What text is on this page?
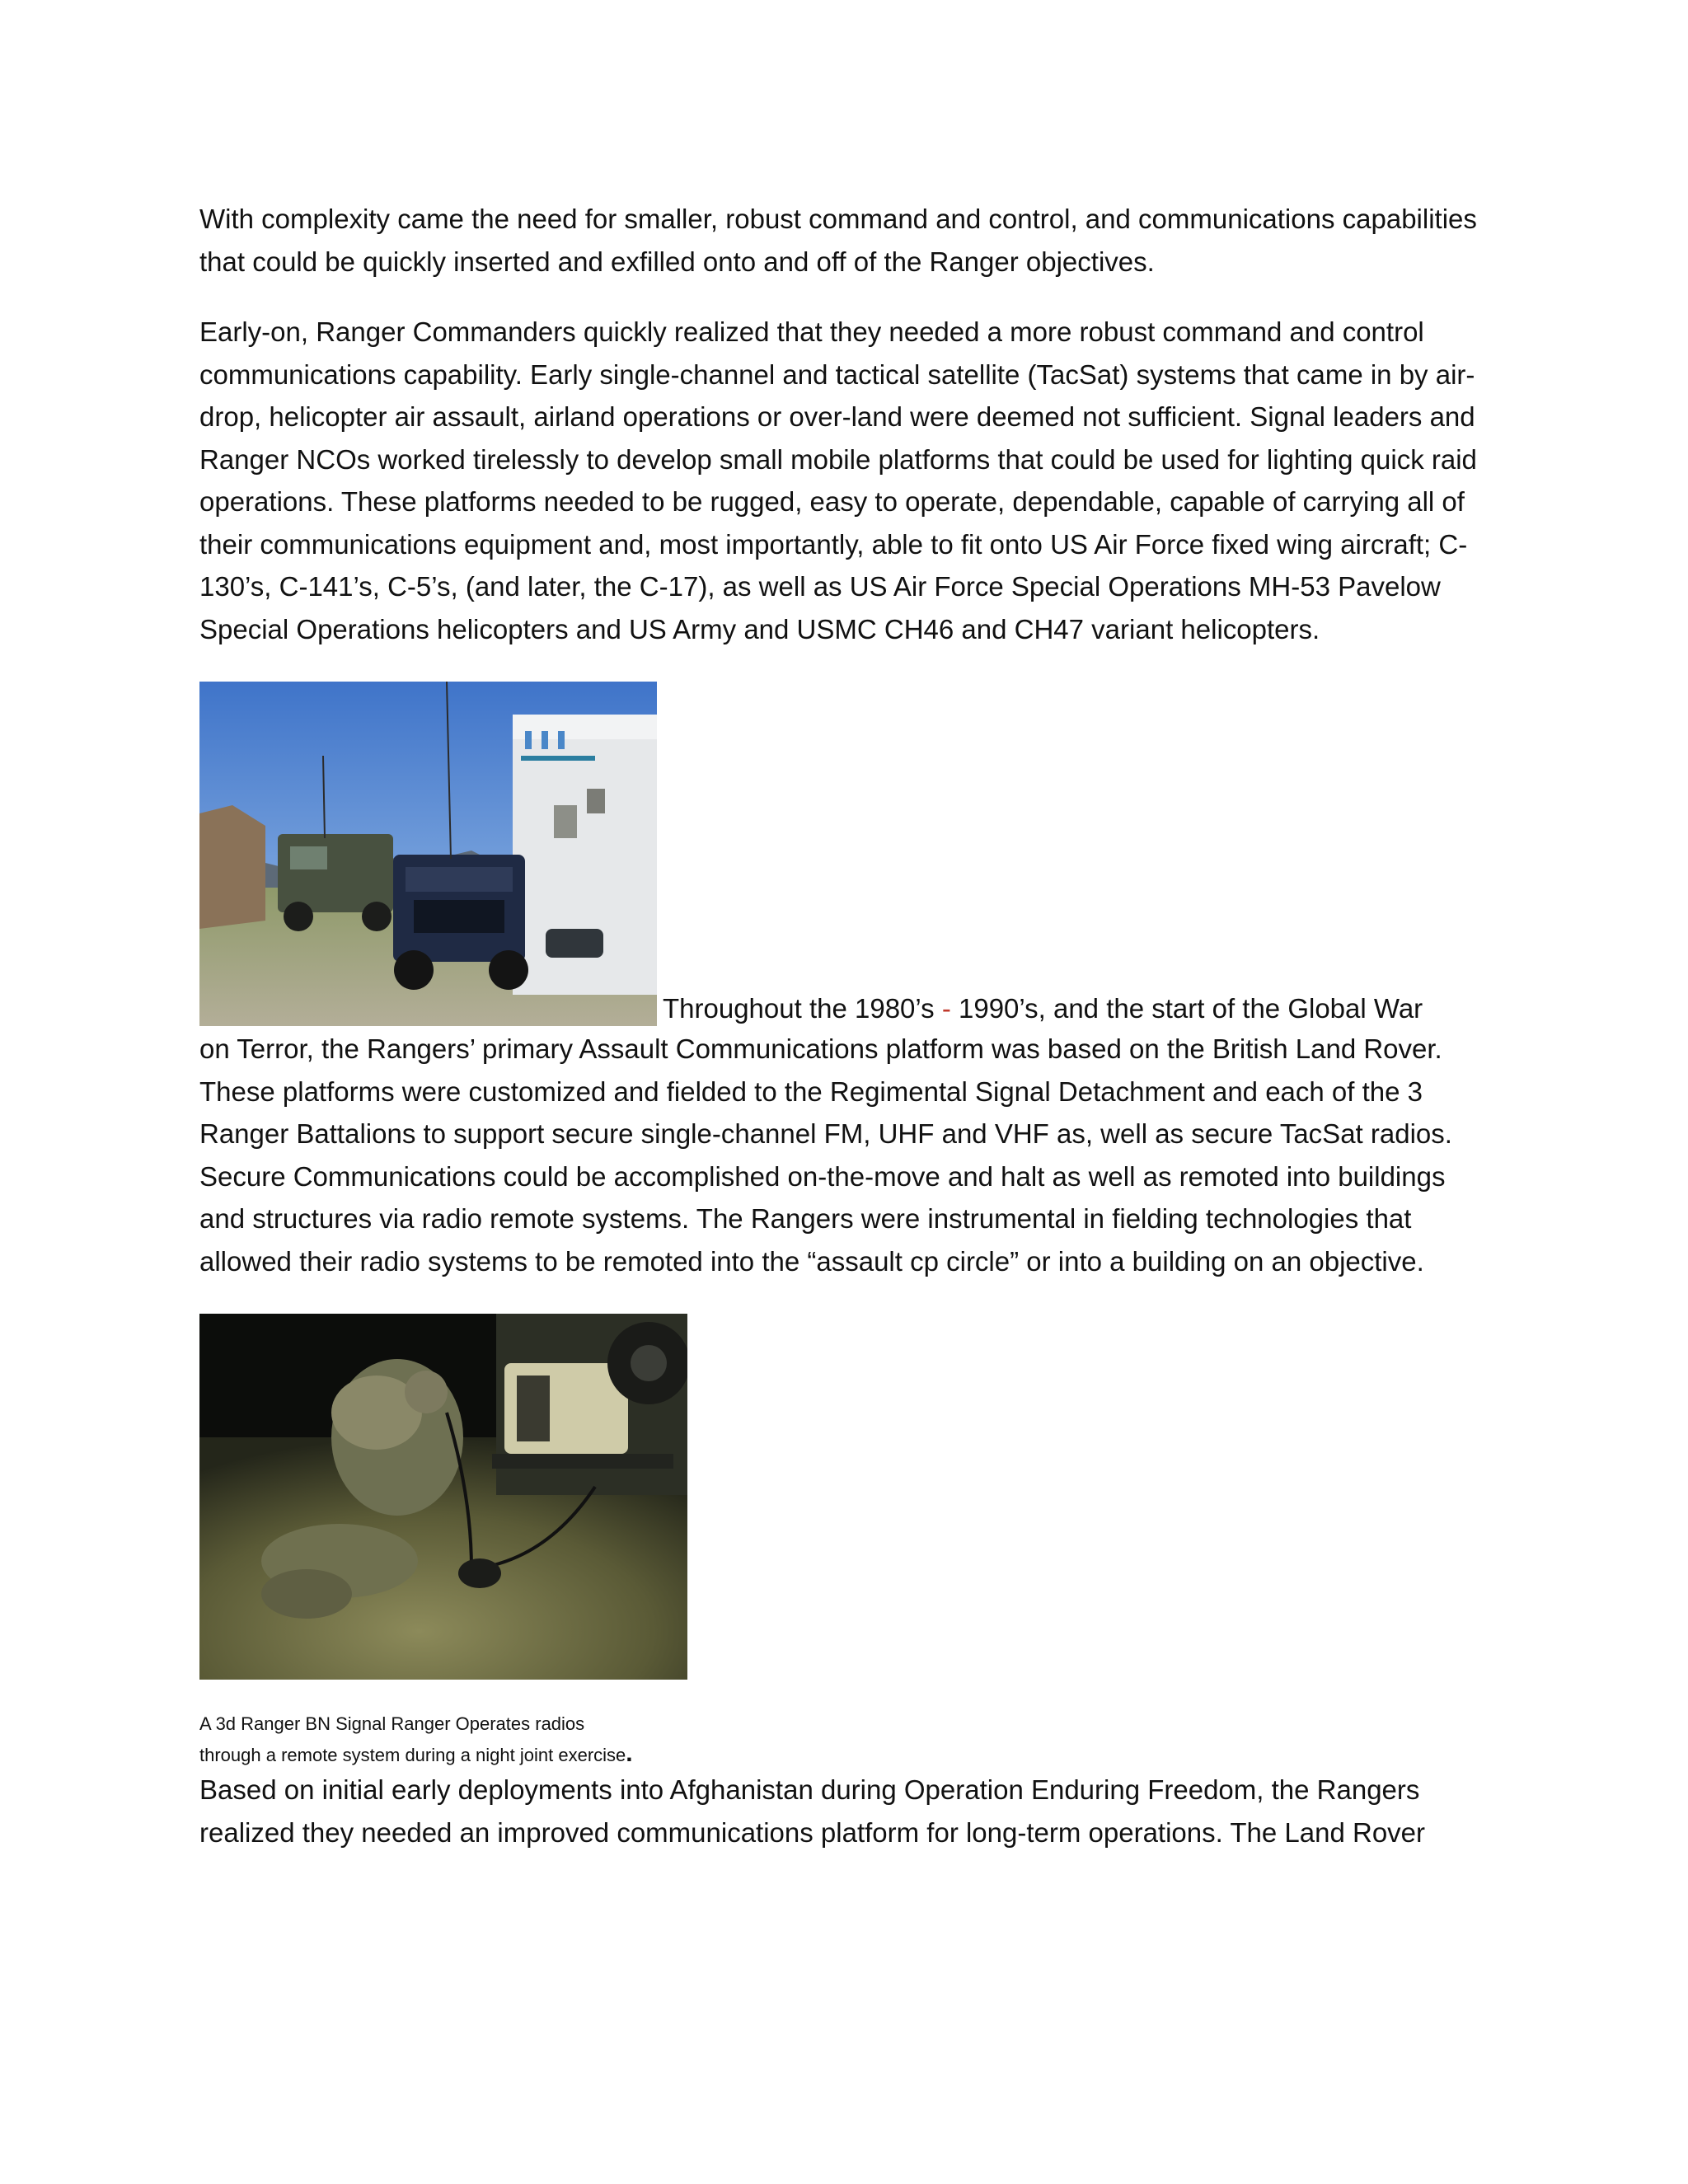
With complexity came the need for smaller, robust command and control, and communications capabilities that could be quickly inserted and exfilled onto and off of the Ranger objectives.

Early-on, Ranger Commanders quickly realized that they needed a more robust command and control communications capability. Early single-channel and tactical satellite (TacSat) systems that came in by air-drop, helicopter air assault, airland operations or over-land were deemed not sufficient. Signal leaders and Ranger NCOs worked tirelessly to develop small mobile platforms that could be used for lighting quick raid operations. These platforms needed to be rugged, easy to operate, dependable, capable of carrying all of their communications equipment and, most importantly, able to fit onto US Air Force fixed wing aircraft; C-130’s, C-141’s, C-5’s, (and later, the C-17), as well as US Air Force Special Operations MH-53 Pavelow Special Operations helicopters and US Army and USMC CH46 and CH47 variant helicopters.

Throughout the 1980’s - 1990’s, and the start of the Global War

on Terror, the Rangers’ primary Assault Communications platform was based on the British Land Rover. These platforms were customized and fielded to the Regimental Signal Detachment and each of the 3 Ranger Battalions to support secure single-channel FM, UHF and VHF as, well as secure TacSat radios. Secure Communications could be accomplished on-the-move and halt as well as remoted into buildings and structures via radio remote systems. The Rangers were instrumental in fielding technologies that allowed their radio systems to be remoted into the “assault cp circle” or into a building on an objective.

A 3d Ranger BN Signal Ranger Operates radios
through a remote system during a night joint exercise.

Based on initial early deployments into Afghanistan during Operation Enduring Freedom, the Rangers realized they needed an improved communications platform for long-term operations. The Land Rover
